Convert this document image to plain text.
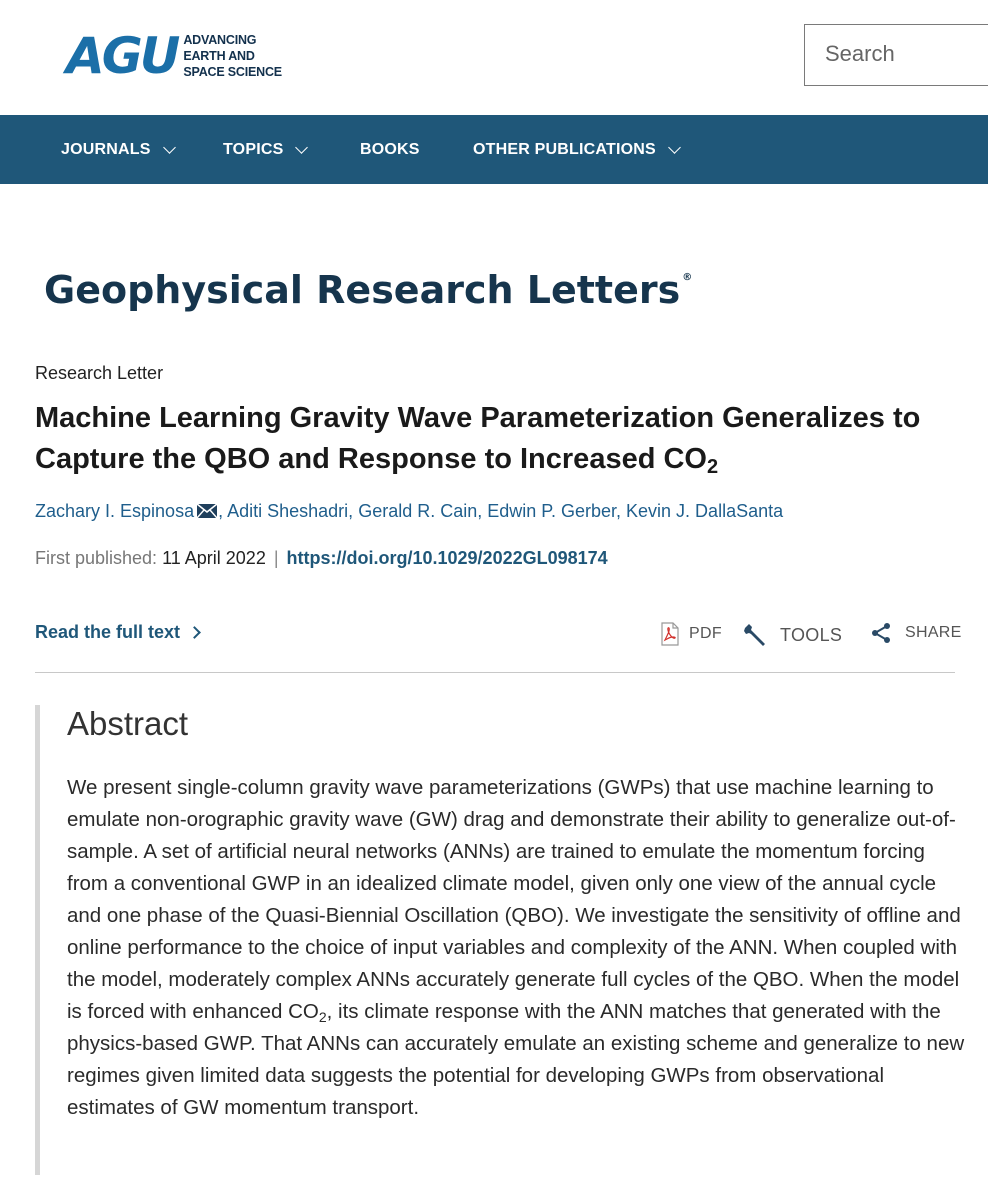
AGU ADVANCING
EARTH AND
SPACE SCIENCE
Search
JOURNALS	TOPICS	BOOKS	OTHER PUBLICATIONS
Geophysical Research Letters ®
Research Letter
Machine Learning Gravity Wave Parameterization Generalizes to Capture the QBO and Response to Increased $CO_2$
Zachary I. Espinosa , Aditi Sheshadri, Gerald R. Cain, Edwin P. Gerber, Kevin J. DallaSanta
First published: 11 April 2022 | https://doi.org/10.1029/2022GL098174
Read the full text	PDF	TOOLS	SHARE
Abstract
We present single-column gravity wave parameterizations (GWPs) that use machine learning to emulate non-orographic gravity wave (GW) drag and demonstrate their ability to generalize out-of-sample. A set of artificial neural networks (ANNs) are trained to emulate the momentum forcing from a conventional GWP in an idealized climate model, given only one view of the annual cycle and one phase of the Quasi-Biennial Oscillation (QBO). We investigate the sensitivity of offline and online performance to the choice of input variables and complexity of the ANN. When coupled with the model, moderately complex ANNs accurately generate full cycles of the QBO. When the model is forced with enhanced $CO_2$, its climate response with the ANN matches that generated with the physics-based GWP. That ANNs can accurately emulate an existing scheme and generalize to new regimes given limited data suggests the potential for developing GWPs from observational estimates of GW momentum transport.
